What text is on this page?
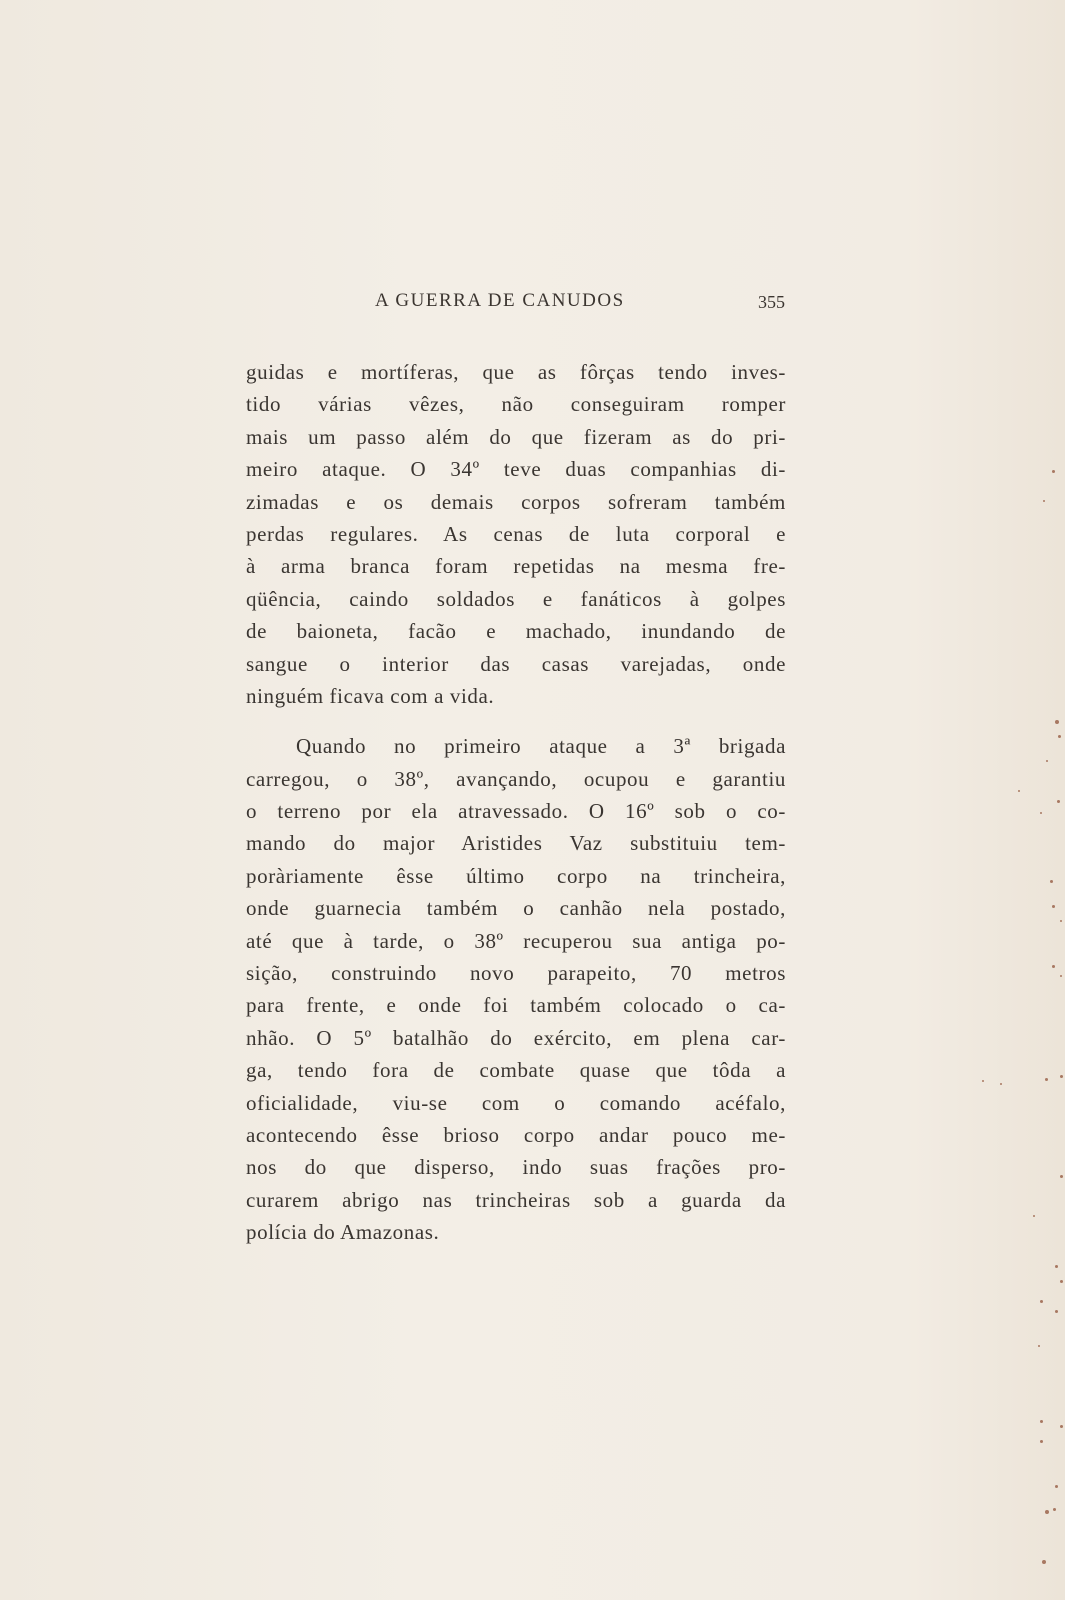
A GUERRA DE CANUDOS	355
guidas e mortíferas, que as fôrças tendo inves-
tido várias vêzes, não conseguiram romper
mais um passo além do que fizeram as do pri-
meiro ataque. O 34º teve duas companhias di-
zimadas e os demais corpos sofreram também
perdas regulares. As cenas de luta corporal e
à arma branca foram repetidas na mesma fre-
qüência, caindo soldados e fanáticos à golpes
de baioneta, facão e machado, inundando de
sangue o interior das casas varejadas, onde
ninguém ficava com a vida.
Quando no primeiro ataque a 3ª brigada
carregou, o 38º, avançando, ocupou e garantiu
o terreno por ela atravessado. O 16º sob o co-
mando do major Aristides Vaz substituiu tem-
poràriamente êsse último corpo na trincheira,
onde guarnecia também o canhão nela postado,
até que à tarde, o 38º recuperou sua antiga po-
sição, construindo novo parapeito, 70 metros
para frente, e onde foi também colocado o ca-
nhão. O 5º batalhão do exército, em plena car-
ga, tendo fora de combate quase que tôda a
oficialidade, viu-se com o comando acéfalo,
acontecendo êsse brioso corpo andar pouco me-
nos do que disperso, indo suas frações pro-
curarem abrigo nas trincheiras sob a guarda da
polícia do Amazonas.
